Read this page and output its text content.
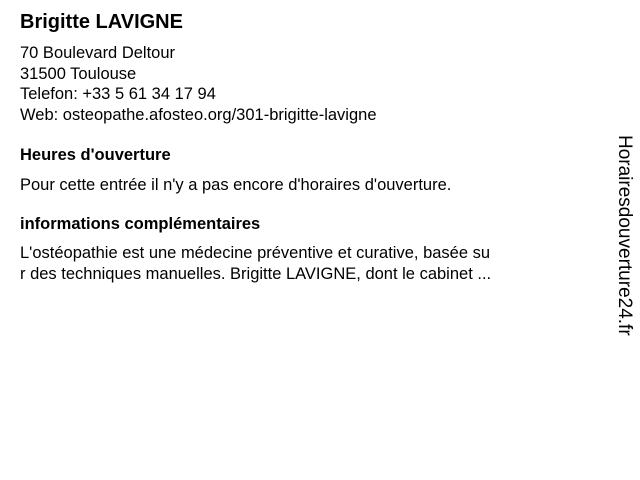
Brigitte LAVIGNE
70 Boulevard Deltour
31500 Toulouse
Telefon: +33 5 61 34 17 94
Web: osteopathe.afosteo.org/301-brigitte-lavigne
Heures d'ouverture

Pour cette entrée il n'y a pas encore d'horaires d'ouverture.

informations complémentaires

L'ostéopathie est une médecine préventive et curative, basée su
r des techniques manuelles. Brigitte LAVIGNE, dont le cabinet ...	Horairesdouverture24.fr
